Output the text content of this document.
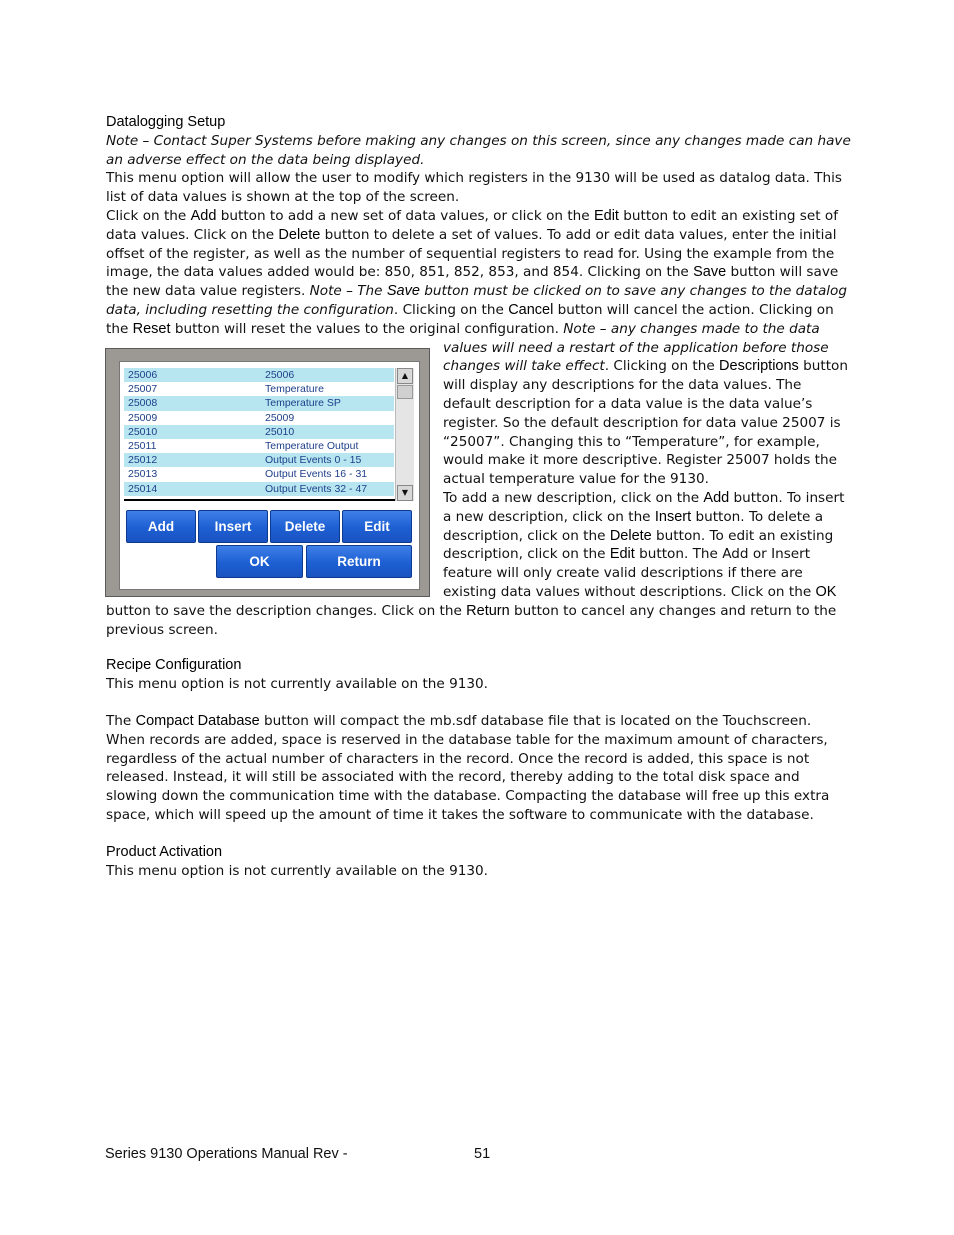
Datalogging Setup

Note – Contact Super Systems before making any changes on this screen, since any changes made can have an adverse effect on the data being displayed.

This menu option will allow the user to modify which registers in the 9130 will be used as datalog data. This list of data values is shown at the top of the screen.

Click on the Add button to add a new set of data values, or click on the Edit button to edit an existing set of data values. Click on the Delete button to delete a set of values. To add or edit data values, enter the initial offset of the register, as well as the number of sequential registers to read for. Using the example from the image, the data values added would be: 850, 851, 852, 853, and 854. Clicking on the Save button will save the new data value registers. Note – The Save button must be clicked on to save any changes to the datalog data, including resetting the configuration. Clicking on the Cancel button will cancel the action. Clicking on the Reset button will reset the values to the original configuration.
Note – any changes made to the data values will need a restart of the application before those changes will take effect. Clicking on the Descriptions button will display any descriptions for the data values. The default description for a data value is the data value’s register. So the default description for data value 25007 is “25007”. Changing this to “Temperature”, for example, would make it more descriptive. Register 25007 holds the actual temperature value for the 9130.
To add a new description, click on the Add button. To insert a new description, click on the Insert button. To delete a description, click on the Delete button. To edit an existing description, click on the Edit button. The Add or Insert feature will only create valid descriptions if there are existing data values without descriptions. Click on the OK button to save the description changes. Click on the Return button to cancel any changes and return to the previous screen.
25006	25006
25007	Temperature
25008	Temperature SP
25009	25009
25010	25010
25011	Temperature Output
25012	Output Events 0 - 15
25013	Output Events 16 - 31
25014	Output Events 32 - 47
▲
▼
Add	Insert	Delete	Edit
OK	Return

Recipe Configuration

This menu option is not currently available on the 9130.

The Compact Database button will compact the mb.sdf database file that is located on the Touchscreen. When records are added, space is reserved in the database table for the maximum amount of characters, regardless of the actual number of characters in the record. Once the record is added, this space is not released. Instead, it will still be associated with the record, thereby adding to the total disk space and slowing down the communication time with the database. Compacting the database will free up this extra space, which will speed up the amount of time it takes the software to communicate with the database.

Product Activation

This menu option is not currently available on the 9130.

Series 9130 Operations Manual Rev -	51
